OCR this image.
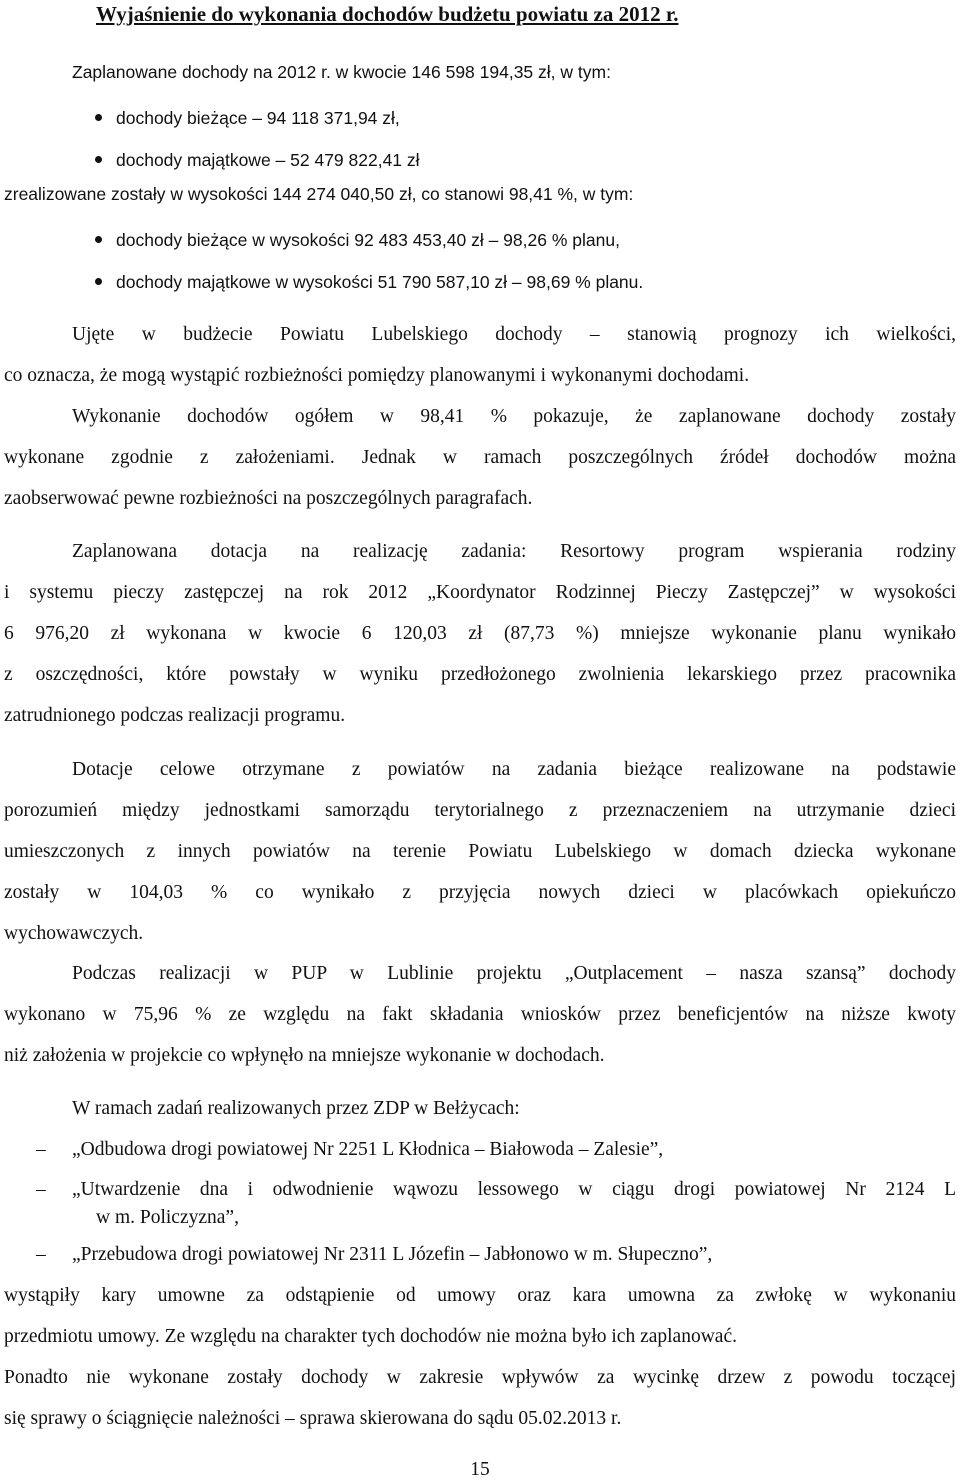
Wyjaśnienie do wykonania dochodów budżetu powiatu za 2012 r.
Zaplanowane dochody na 2012 r. w kwocie 146 598 194,35 zł, w tym:
dochody bieżące – 94 118 371,94 zł,
dochody majątkowe – 52 479 822,41 zł
zrealizowane zostały w wysokości 144 274 040,50 zł, co stanowi 98,41 %, w tym:
dochody bieżące w wysokości 92 483 453,40 zł – 98,26 % planu,
dochody majątkowe w wysokości 51 790 587,10 zł – 98,69 % planu.
Ujęte w budżecie Powiatu Lubelskiego dochody – stanowią prognozy ich wielkości,
co oznacza, że mogą wystąpić rozbieżności pomiędzy planowanymi i wykonanymi dochodami.
Wykonanie dochodów ogółem w 98,41 % pokazuje, że zaplanowane dochody zostały
wykonane zgodnie z założeniami. Jednak w ramach poszczególnych źródeł dochodów można
zaobserwować pewne rozbieżności na poszczególnych paragrafach.
Zaplanowana dotacja na realizację zadania: Resortowy program wspierania rodziny
i systemu pieczy zastępczej na rok 2012 „Koordynator Rodzinnej Pieczy Zastępczej” w wysokości
6 976,20 zł wykonana w kwocie 6 120,03 zł (87,73 %) mniejsze wykonanie planu wynikało
z oszczędności, które powstały w wyniku przedłożonego zwolnienia lekarskiego przez pracownika
zatrudnionego podczas realizacji programu.
Dotacje celowe otrzymane z powiatów na zadania bieżące realizowane na podstawie
porozumień między jednostkami samorządu terytorialnego z przeznaczeniem na utrzymanie dzieci
umieszczonych z innych powiatów na terenie Powiatu Lubelskiego w domach dziecka wykonane
zostały w 104,03 % co wynikało z przyjęcia nowych dzieci w placówkach opiekuńczo
wychowawczych.
Podczas realizacji w PUP w Lublinie projektu „Outplacement – nasza szansą” dochody
wykonano w 75,96 % ze względu na fakt składania wniosków przez beneficjentów na niższe kwoty
niż założenia w projekcie co wpłynęło na mniejsze wykonanie w dochodach.
W ramach zadań realizowanych przez ZDP w Bełżycach:
– „Odbudowa drogi powiatowej Nr 2251 L Kłodnica – Białowoda – Zalesie”,
– „Utwardzenie dna i odwodnienie wąwozu lessowego w ciągu drogi powiatowej Nr 2124 L
w m. Policzyzna”,
– „Przebudowa drogi powiatowej Nr 2311 L Józefin – Jabłonowo w m. Słupeczno”,
wystąpiły kary umowne za odstąpienie od umowy oraz kara umowna za zwłokę w wykonaniu
przedmiotu umowy. Ze względu na charakter tych dochodów nie można było ich zaplanować.
Ponadto nie wykonane zostały dochody w zakresie wpływów za wycinkę drzew z powodu toczącej
się sprawy o ściągnięcie należności – sprawa skierowana do sądu 05.02.2013 r.
15
